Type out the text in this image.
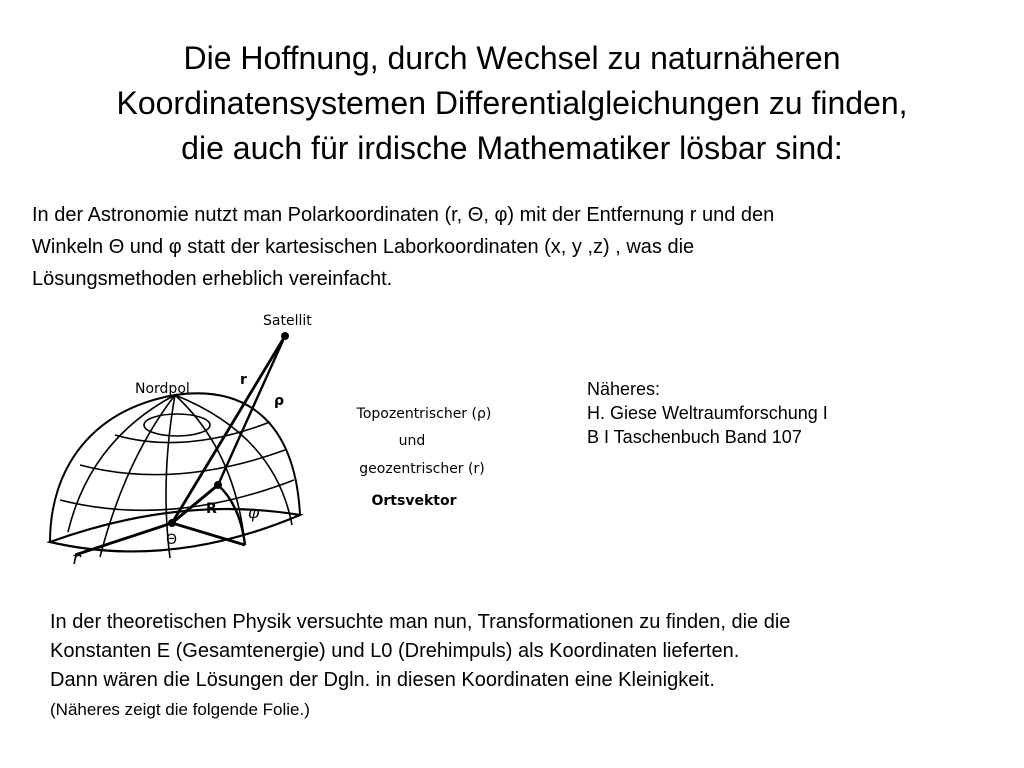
Die Hoffnung, durch Wechsel zu naturnäheren
Koordinatensystemen Differentialgleichungen zu finden,
die auch für irdische Mathematiker lösbar sind:
In der Astronomie nutzt man Polarkoordinaten (r, Θ, φ) mit der Entfernung r und den
Winkeln Θ und φ statt der kartesischen Laborkoordinaten (x, y ,z) , was die
Lösungsmethoden erheblich vereinfacht.
Satellit
Nordpol
r
ρ
R φ
Θ
r
Topozentrischer (ρ)
und
geozentrischer (r)
Ortsvektor
Näheres:
H. Giese Weltraumforschung I
B I Taschenbuch Band 107
In der theoretischen Physik versuchte man nun, Transformationen zu finden, die die
Konstanten E (Gesamtenergie) und L0 (Drehimpuls) als Koordinaten lieferten.
Dann wären die Lösungen der Dgln. in diesen Koordinaten eine Kleinigkeit.
(Näheres zeigt die folgende Folie.)
